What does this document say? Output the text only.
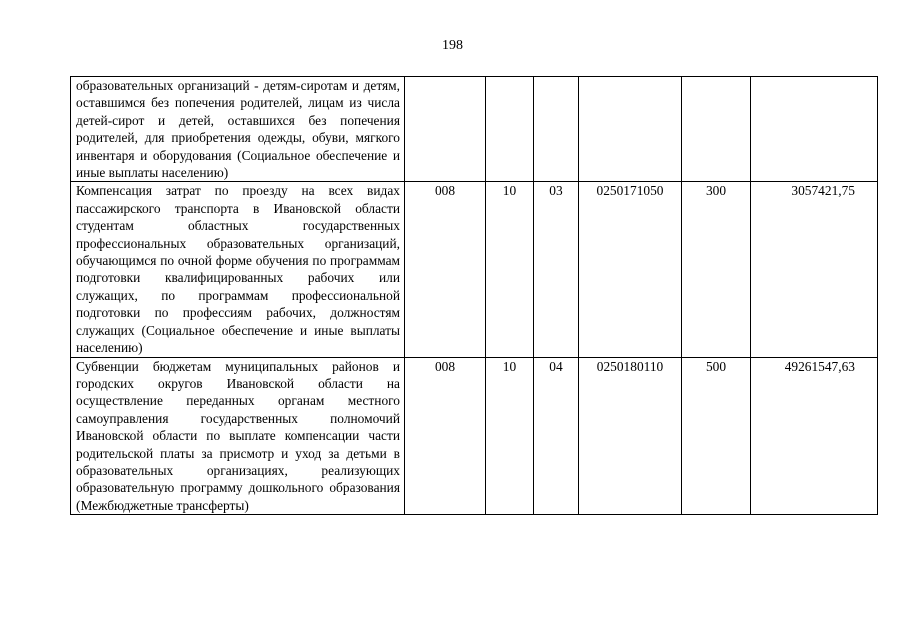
198
образовательных организаций - детям-сиротам и детям, оставшимся без попечения родителей, лицам из числа детей-сирот и детей, оставшихся без попечения родителей, для приобретения одежды, обуви, мягкого инвентаря и оборудования (Социальное обеспечение и иные выплаты населению)						
Компенсация затрат по проезду на всех видах пассажирского транспорта в Ивановской области студентам областных государственных профессиональных образовательных организаций, обучающимся по очной форме обучения по программам подготовки квалифицированных рабочих или служащих, по программам профессиональной подготовки по профессиям рабочих, должностям служащих (Социальное обеспечение и иные выплаты населению)	008	10	03	0250171050	300	3057421,75
Субвенции бюджетам муниципальных районов и городских округов Ивановской области на осуществление переданных органам местного самоуправления государственных полномочий Ивановской области по выплате компенсации части родительской платы за присмотр и уход за детьми в образовательных организациях, реализующих образовательную программу дошкольного образования (Межбюджетные трансферты)	008	10	04	0250180110	500	49261547,63
